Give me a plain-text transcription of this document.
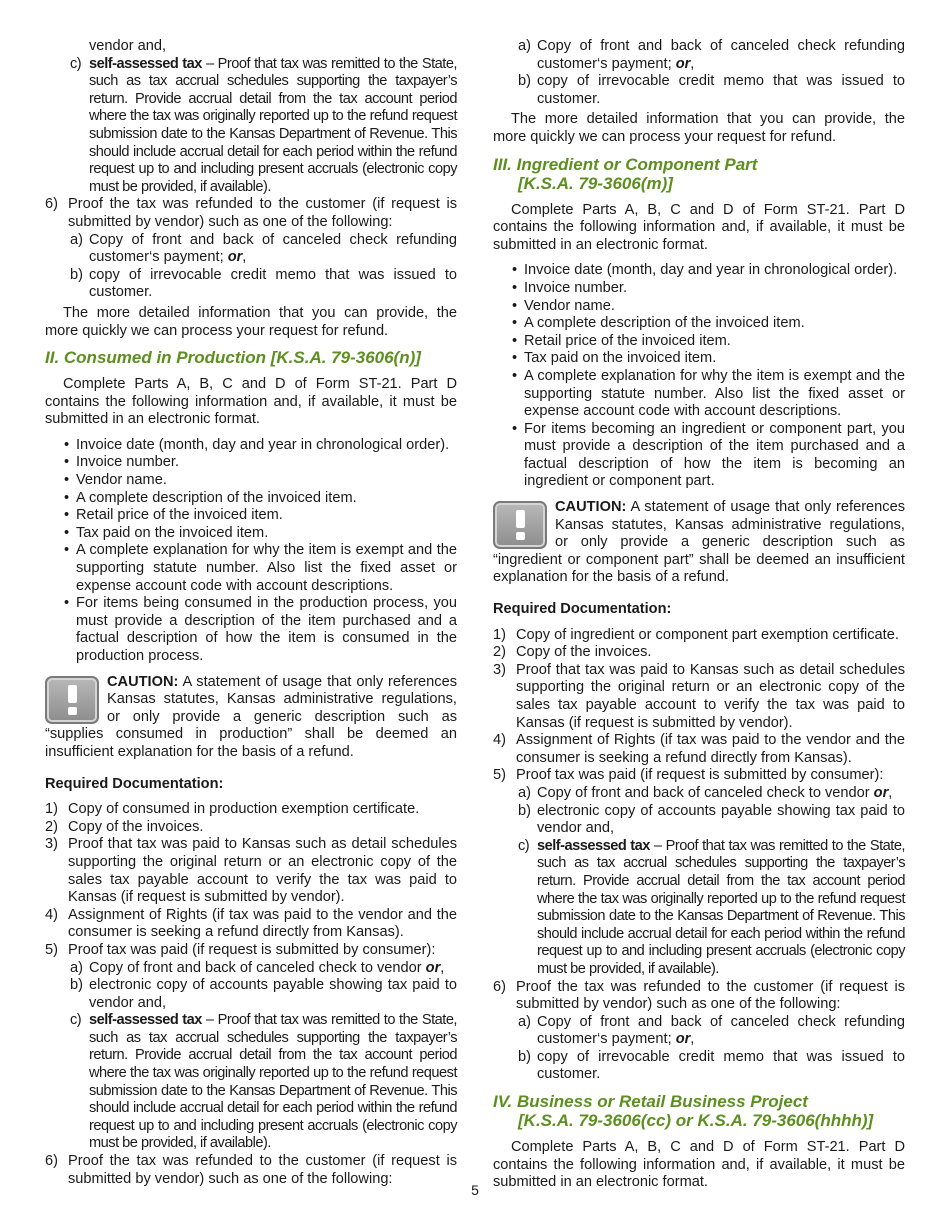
vendor and,
c) self-assessed tax – Proof that tax was remitted to the State, such as tax accrual schedules supporting the taxpayer’s return. Provide accrual detail from the tax account period where the tax was originally reported up to the refund request submission date to the Kansas Department of Revenue. This should include accrual detail for each period within the refund request up to and including present accruals (electronic copy must be provided, if available).
6) Proof the tax was refunded to the customer (if request is submitted by vendor) such as one of the following:
a) Copy of front and back of canceled check refunding customer‘s payment; or,
b) copy of irrevocable credit memo that was issued to customer.

The more detailed information that you can provide, the more quickly we can process your request for refund.

II. Consumed in Production [K.S.A. 79-3606(n)]

Complete Parts A, B, C and D of Form ST-21. Part D contains the following information and, if available, it must be submitted in an electronic format.

• Invoice date (month, day and year in chronological order).
• Invoice number.
• Vendor name.
• A complete description of the invoiced item.
• Retail price of the invoiced item.
• Tax paid on the invoiced item.
• A complete explanation for why the item is exempt and the supporting statute number. Also list the fixed asset or expense account code with account descriptions.
• For items being consumed in the production process, you must provide a description of the item purchased and a factual description of how the item is consumed in the production process.
CAUTION: A statement of usage that only references Kansas statutes, Kansas administrative regulations, or only provide a generic description such as “supplies consumed in production” shall be deemed an insufficient explanation for the basis of a refund.
Required Documentation:
1) Copy of consumed in production exemption certificate.
2) Copy of the invoices.
3) Proof that tax was paid to Kansas such as detail schedules supporting the original return or an electronic copy of the sales tax payable account to verify the tax was paid to Kansas (if request is submitted by vendor).
4) Assignment of Rights (if tax was paid to the vendor and the consumer is seeking a refund directly from Kansas).
5) Proof tax was paid (if request is submitted by consumer):
a) Copy of front and back of canceled check to vendor or,
b) electronic copy of accounts payable showing tax paid to vendor and,
c) self-assessed tax – Proof that tax was remitted to the State, such as tax accrual schedules supporting the taxpayer’s return. Provide accrual detail from the tax account period where the tax was originally reported up to the refund request submission date to the Kansas Department of Revenue. This should include accrual detail for each period within the refund request up to and including present accruals (electronic copy must be provided, if available).
6) Proof the tax was refunded to the customer (if request is submitted by vendor) such as one of the following:
a) Copy of front and back of canceled check refunding customer‘s payment; or,
b) copy of irrevocable credit memo that was issued to customer.

The more detailed information that you can provide, the more quickly we can process your request for refund.

III. Ingredient or Component Part
[K.S.A. 79-3606(m)]

Complete Parts A, B, C and D of Form ST-21. Part D contains the following information and, if available, it must be submitted in an electronic format.

• Invoice date (month, day and year in chronological order).
• Invoice number.
• Vendor name.
• A complete description of the invoiced item.
• Retail price of the invoiced item.
• Tax paid on the invoiced item.
• A complete explanation for why the item is exempt and the supporting statute number. Also list the fixed asset or expense account code with account descriptions.
• For items becoming an ingredient or component part, you must provide a description of the item purchased and a factual description of how the item is becoming an ingredient or component part.
CAUTION: A statement of usage that only references Kansas statutes, Kansas administrative regulations, or only provide a generic description such as “ingredient or component part” shall be deemed an insufficient explanation for the basis of a refund.
Required Documentation:
1) Copy of ingredient or component part exemption certificate.
2) Copy of the invoices.
3) Proof that tax was paid to Kansas such as detail schedules supporting the original return or an electronic copy of the sales tax payable account to verify the tax was paid to Kansas (if request is submitted by vendor).
4) Assignment of Rights (if tax was paid to the vendor and the consumer is seeking a refund directly from Kansas).
5) Proof tax was paid (if request is submitted by consumer):
a) Copy of front and back of canceled check to vendor or,
b) electronic copy of accounts payable showing tax paid to vendor and,
c) self-assessed tax – Proof that tax was remitted to the State, such as tax accrual schedules supporting the taxpayer’s return. Provide accrual detail from the tax account period where the tax was originally reported up to the refund request submission date to the Kansas Department of Revenue. This should include accrual detail for each period within the refund request up to and including present accruals (electronic copy must be provided, if available).
6) Proof the tax was refunded to the customer (if request is submitted by vendor) such as one of the following:
a) Copy of front and back of canceled check refunding customer‘s payment; or,
b) copy of irrevocable credit memo that was issued to customer.
IV. Business or Retail Business Project
[K.S.A. 79-3606(cc) or K.S.A. 79-3606(hhhh)]

Complete Parts A, B, C and D of Form ST-21. Part D contains the following information and, if available, it must be submitted in an electronic format.

5
